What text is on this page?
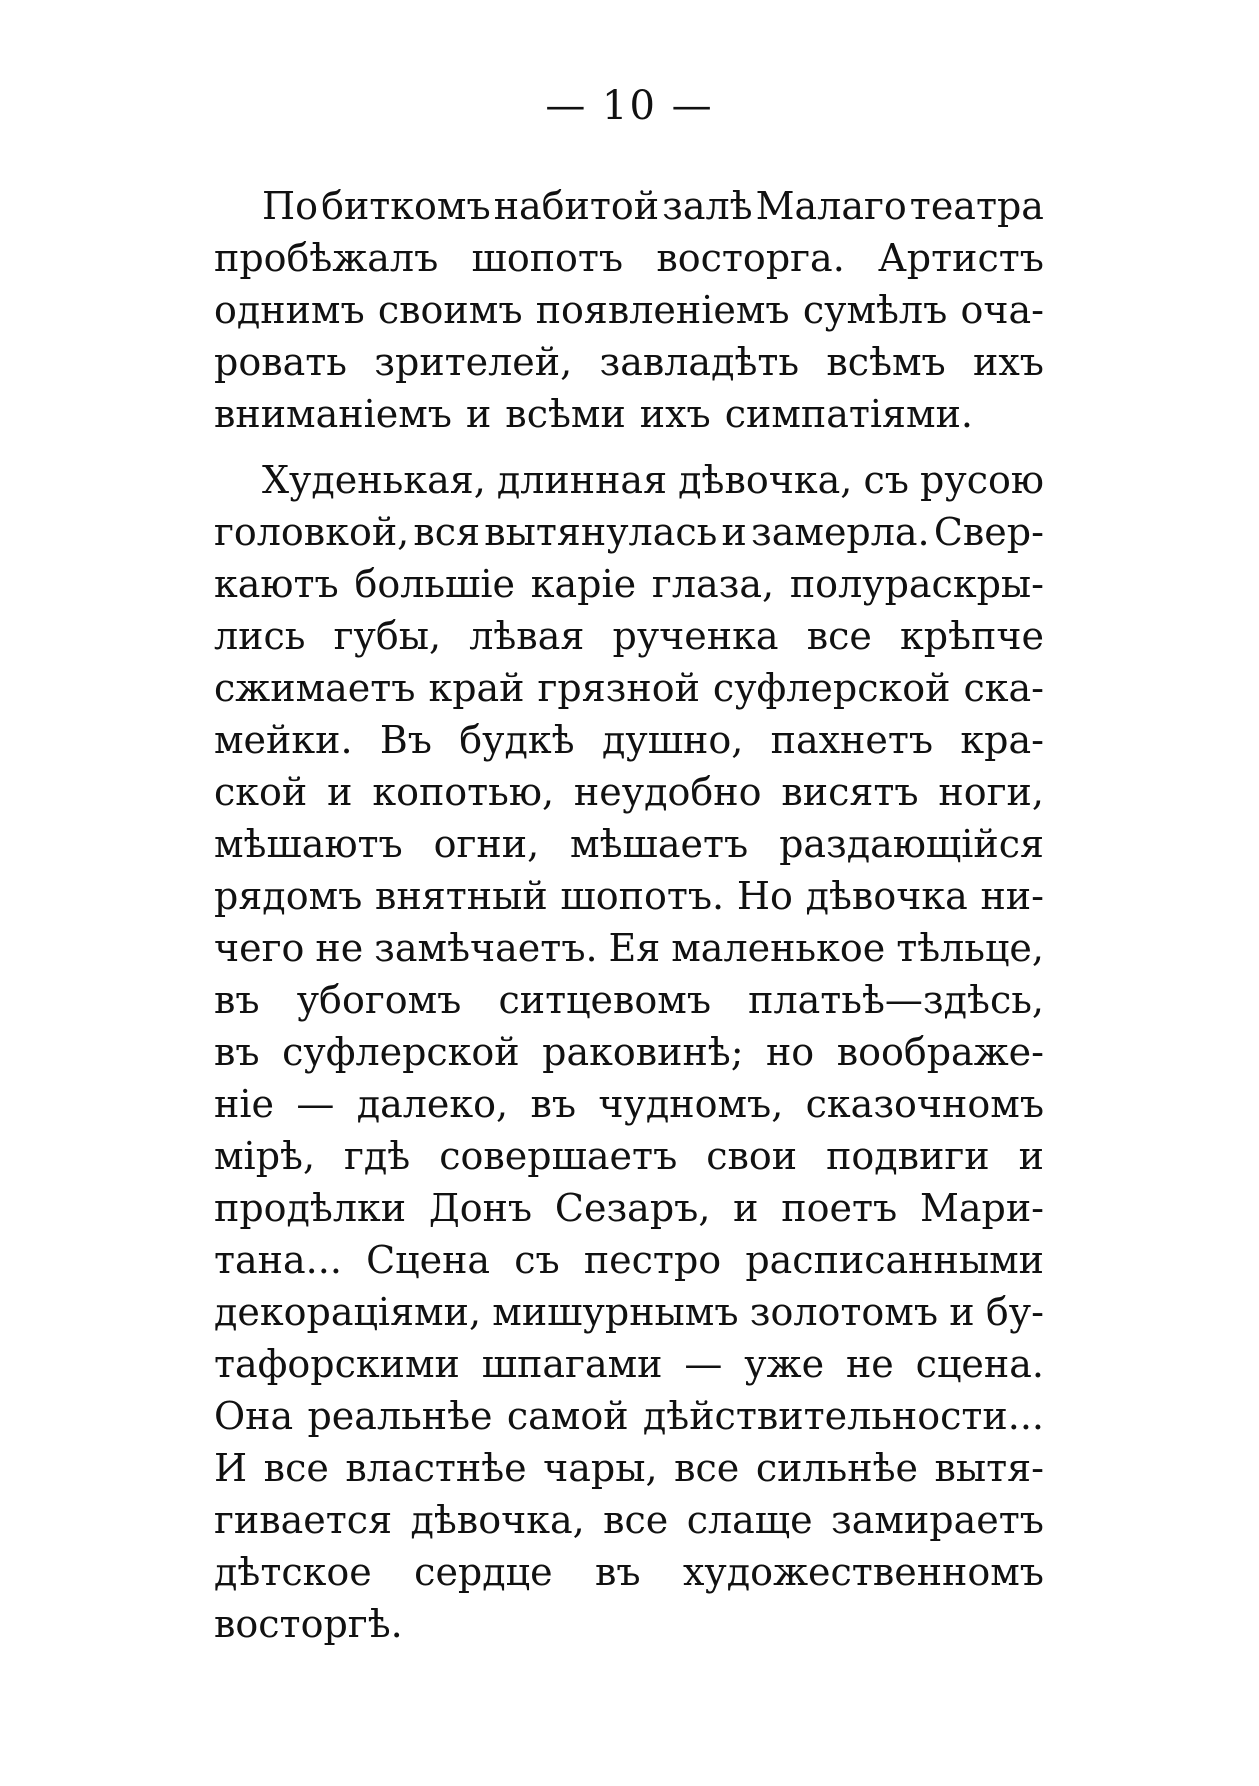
— 10 —
По биткомъ набитой залѣ Малаго театра
пробѣжалъ шопотъ восторга. Артистъ
однимъ своимъ появленіемъ сумѣлъ оча-
ровать зрителей, завладѣть всѣмъ ихъ
вниманіемъ и всѣми ихъ симпатіями.
Худенькая, длинная дѣвочка, съ русою
головкой, вся вытянулась и замерла. Свер-
каютъ большіе каріе глаза, полураскры-
лись губы, лѣвая рученка все крѣпче
сжимаетъ край грязной суфлерской ска-
мейки. Въ будкѣ душно, пахнетъ кра-
ской и копотью, неудобно висятъ ноги,
мѣшаютъ огни, мѣшаетъ раздающійся
рядомъ внятный шопотъ. Но дѣвочка ни-
чего не замѣчаетъ. Ея маленькое тѣльце,
въ убогомъ ситцевомъ платьѣ—здѣсь,
въ суфлерской раковинѣ; но воображе-
ніе — далеко, въ чудномъ, сказочномъ
мірѣ, гдѣ совершаетъ свои подвиги и
продѣлки Донъ Сезаръ, и поетъ Мари-
тана... Сцена съ пестро расписанными
декораціями, мишурнымъ золотомъ и бу-
тафорскими шпагами — уже не сцена.
Она реальнѣе самой дѣйствительности...
И все властнѣе чары, все сильнѣе вытя-
гивается дѣвочка, все слаще замираетъ
дѣтское сердце въ художественномъ
восторгѣ.
